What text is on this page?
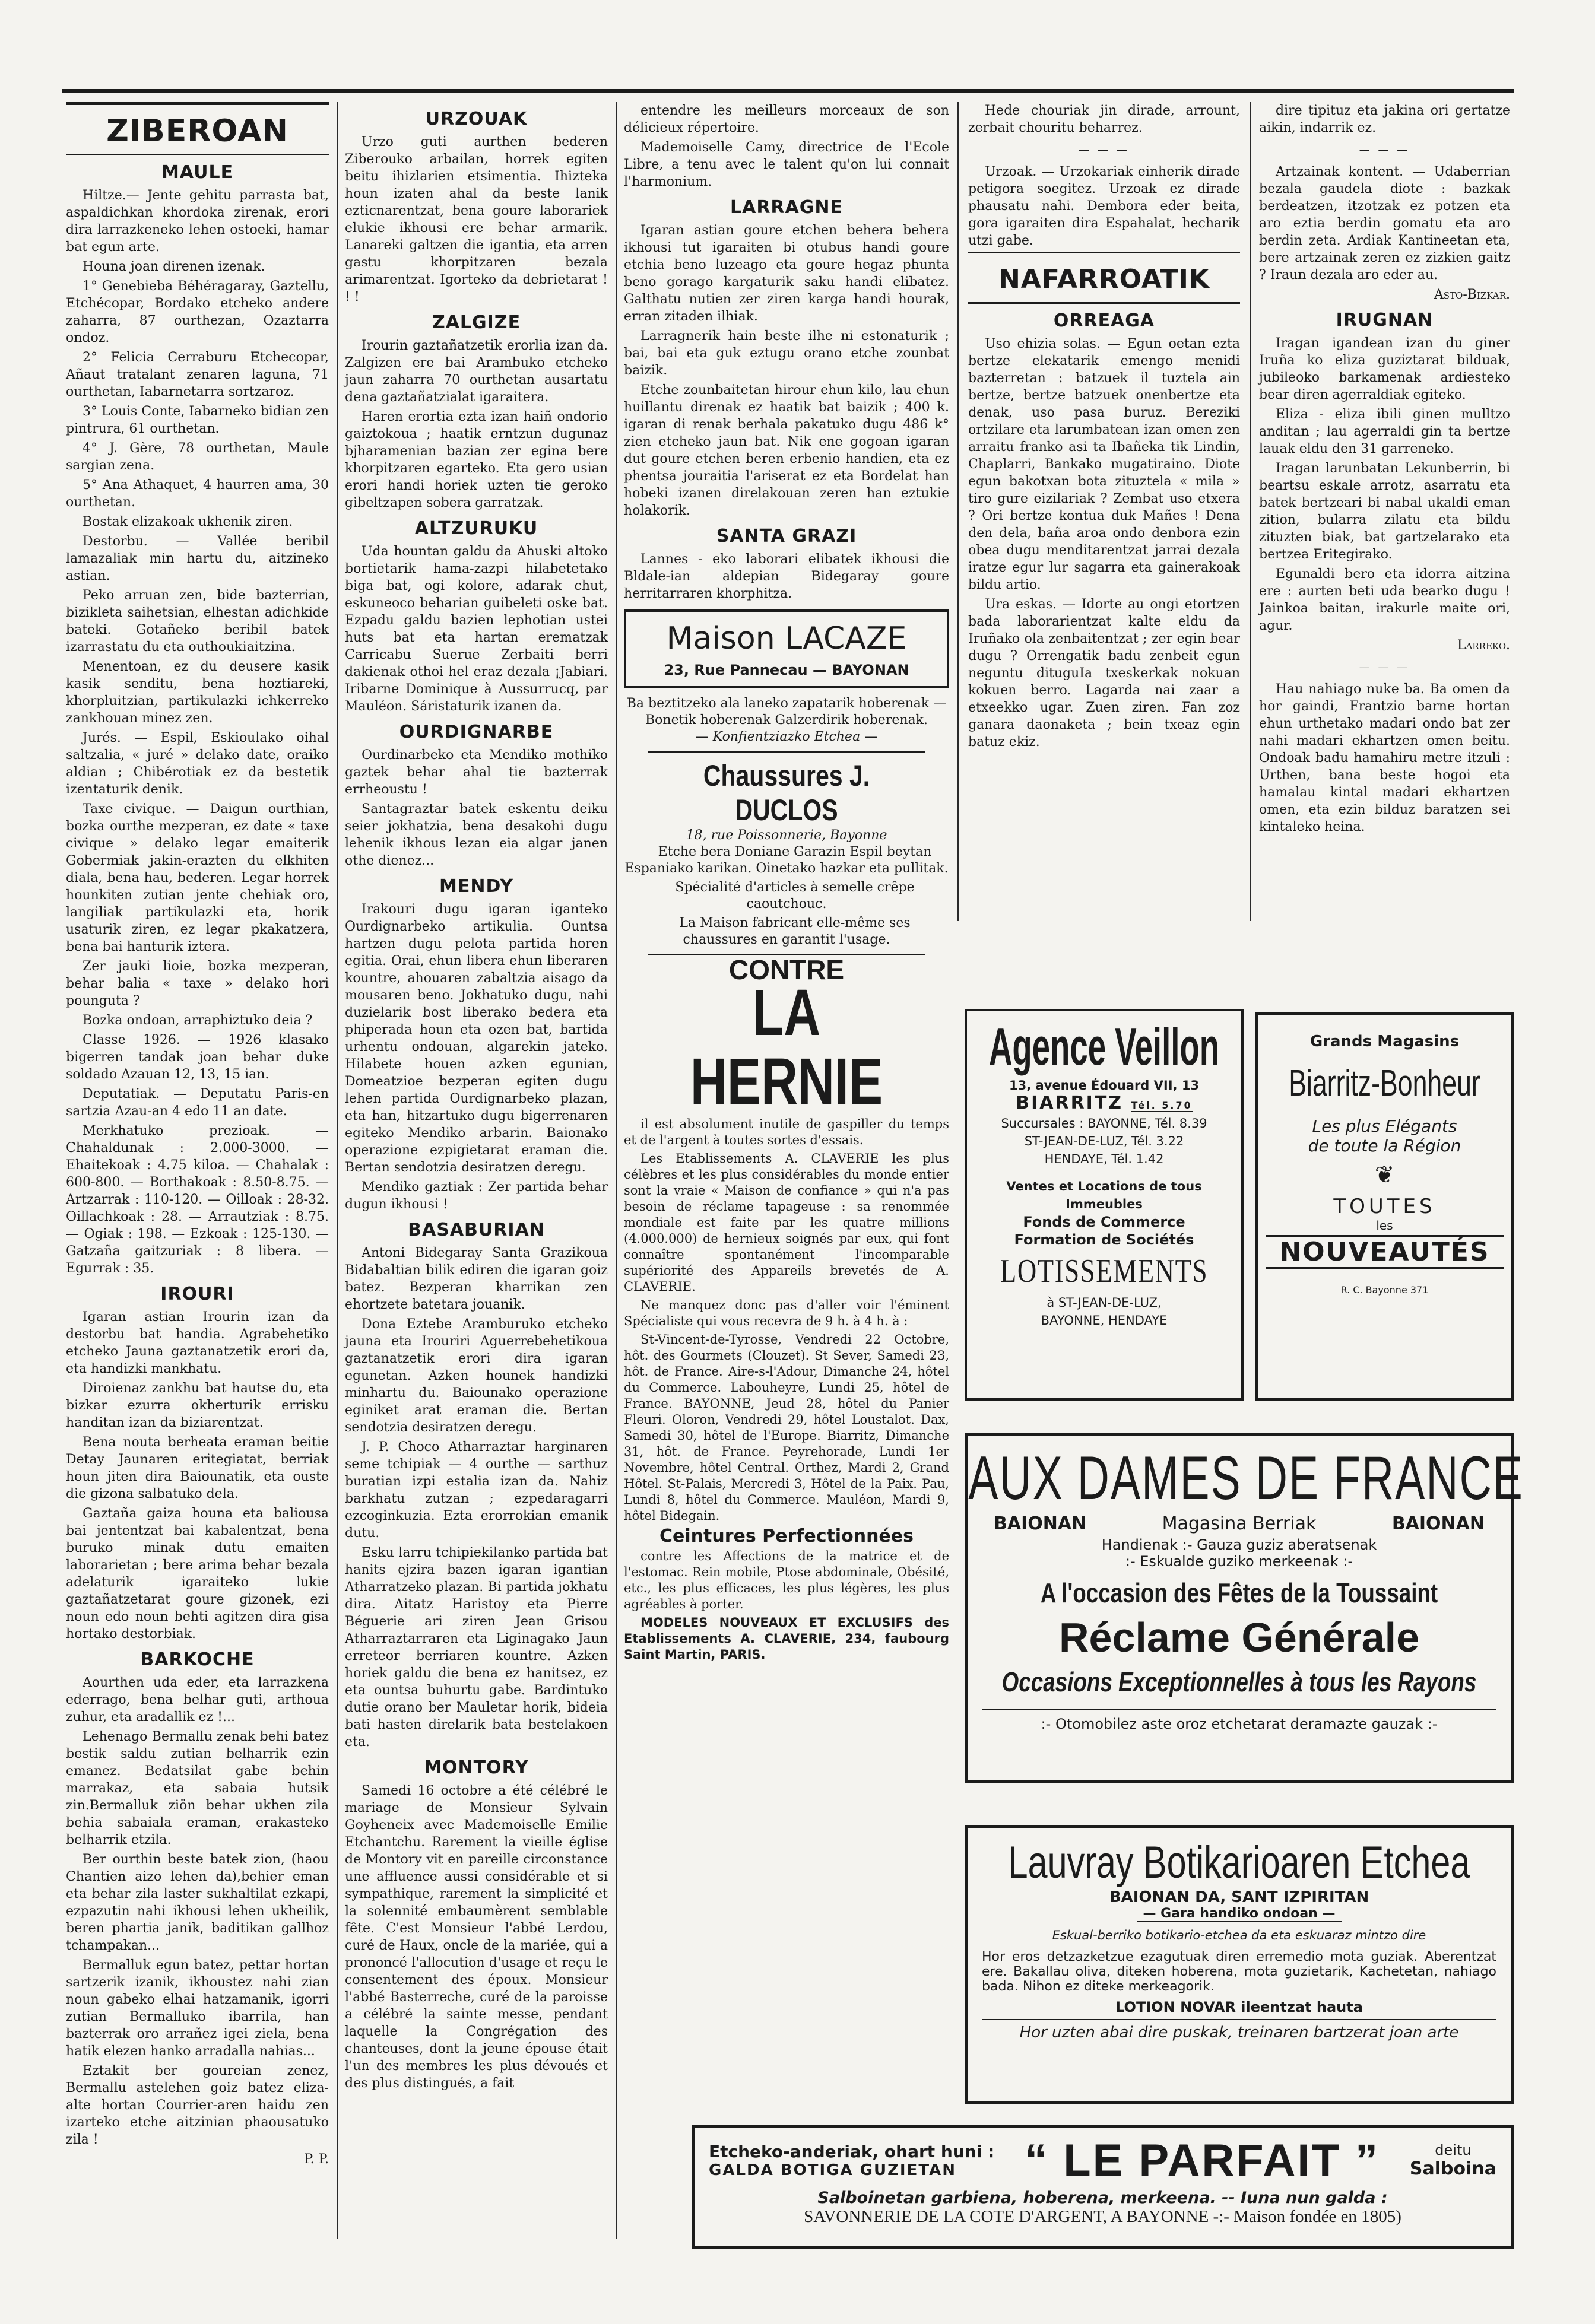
ZIBEROAN
MAULE

Hiltze.— Jente gehitu parrasta bat, aspaldichkan khordoka zirenak, erori dira larrazkeneko lehen ostoeki, hamar bat egun arte.

Houna joan direnen izenak.

1° Genebieba Béhéragaray, Gaztellu, Etchécopar, Bordako etcheko andere zaharra, 87 ourthezan, Ozaztarra ondoz.

2° Felicia Cerraburu Etchecopar, Añaut tratalant zenaren laguna, 71 ourthetan, Iabarnetarra sortzaroz.

3° Louis Conte, Iabarneko bidian zen pintrura, 61 ourthetan.

4° J. Gère, 78 ourthetan, Maule sargian zena.

5° Ana Athaquet, 4 haurren ama, 30 ourthetan.

Bostak elizakoak ukhenik ziren.

Destorbu. — Vallée beribil lamazaliak min hartu du, aitzineko astian.

Peko arruan zen, bide bazterrian, bizikleta saihetsian, elhestan adichkide bateki. Gotañeko beribil batek izarrastatu du eta outhoukiaitzina.

Menentoan, ez du deusere kasik kasik senditu, bena hoztiareki, khorpluitzian, partikulazki ichkerreko zankhouan minez zen.

Jurés. — Espil, Eskioulako oihal saltzalia, « juré » delako date, oraiko aldian ; Chibérotiak ez da bestetik izentaturik denik.

Taxe civique. — Daigun ourthian, bozka ourthe mezperan, ez date « taxe civique » delako legar emaiterik Gobermiak jakin-erazten du elkhiten diala, bena hau, bederen. Legar horrek hounkiten zutian jente chehiak oro, langiliak partikulazki eta, horik usaturik ziren, ez legar pkakatzera, bena bai hanturik iztera.

Zer jauki lioie, bozka mezperan, behar balia « taxe » delako hori pounguta ?

Bozka ondoan, arraphiztuko deia ?

Classe 1926. — 1926 klasako bigerren tandak joan behar duke soldado Azauan 12, 13, 15 ian.

Deputatiak. — Deputatu Paris-en sartzia Azau-an 4 edo 11 an date.

Merkhatuko prezioak. — Chahaldunak : 2.000-3000. — Ehaitekoak : 4.75 kiloa. — Chahalak : 600-800. — Borthakoak : 8.50-8.75. — Artzarrak : 110-120. — Oilloak : 28-32. Oillachkoak : 28. — Arrautziak : 8.75. — Ogiak : 198. — Ezkoak : 125-130. — Gatzaña gaitzuriak : 8 libera. — Egurrak : 35.

IROURI

Igaran astian Irourin izan da destorbu bat handia. Agrabehetiko etcheko Jauna gaztanatzetik erori da, eta handizki mankhatu.

Diroienaz zankhu bat hautse du, eta bizkar ezurra okherturik errisku handitan izan da biziarentzat.

Bena nouta berheata eraman beitie Detay Jaunaren eritegiatat, berriak houn jiten dira Baiounatik, eta ouste die gizona salbatuko dela.

Gaztaña gaiza houna eta baliousa bai jententzat bai kabalentzat, bena buruko minak dutu emaiten laborarietan ; bere arima behar bezala adelaturik igaraiteko lukie gaztañatzetarat goure gizonek, ezi noun edo noun behti agitzen dira gisa hortako destorbiak.

BARKOCHE

Aourthen uda eder, eta larrazkena ederrago, bena belhar guti, arthoua zuhur, eta aradallik ez !...

Lehenago Bermallu zenak behi batez bestik saldu zutian belharrik ezin emanez. Bedatsilat gabe behin marrakaz, eta sabaia hutsik zin.Bermalluk ziön behar ukhen zila behia sabaiala eraman, erakasteko belharrik etzila.

Ber ourthin beste batek zion, (haou Chantien aizo lehen da),behier eman eta behar zila laster sukhaltilat ezkapi, ezpazutin nahi ikhousi lehen ukheilik, beren phartia janik, baditikan gallhoz tchampakan...

Bermalluk egun batez, pettar hortan sartzerik izanik, ikhoustez nahi zian noun gabeko elhai hatzamanik, igorri zutian Bermalluko ibarrila, han bazterrak oro arrañez igei ziela, bena hatik elezen hanko arradalla nahias...

Eztakit ber goureian zenez, Bermallu astelehen goiz batez eliza-alte hortan Courrier-aren haidu zen izarteko etche aitzinian phaousatuko zila !

P. P.

URZOUAK

Urzo guti aurthen bederen Ziberouko arbailan, horrek egiten beitu ihizlarien etsimentia. Ihizteka houn izaten ahal da beste lanik ezticnarentzat, bena goure laborariek elukie ikhousi ere behar armarik. Lanareki galtzen die igantia, eta arren gastu khorpitzaren bezala arimarentzat. Igorteko da debrietarat ! ! !

ZALGIZE

Irourin gaztañatzetik erorlia izan da. Zalgizen ere bai Arambuko etcheko jaun zaharra 70 ourthetan ausartatu dena gaztañatzialat igaraitera.

Haren erortia ezta izan haiñ ondorio gaiztokoua ; haatik erntzun dugunaz bjharamenian bazian zer egina bere khorpitzaren egarteko. Eta gero usian erori handi horiek uzten tie geroko gibeltzapen sobera garratzak.

ALTZURUKU

Uda hountan galdu da Ahuski altoko bortietarik hama-zazpi hilabetetako biga bat, ogi kolore, adarak chut, eskuneoco beharian guibeleti oske bat. Ezpadu galdu bazien lephotian ustei huts bat eta hartan erematzak Carricabu Suerue Zerbaiti berri dakienak othoi hel eraz dezala ¡Jabiari. Iribarne Dominique à Aussurrucq, par Mauléon. Sáristaturik izanen da.

OURDIGNARBE

Ourdinarbeko eta Mendiko mothiko gaztek behar ahal tie bazterrak errheoustu !

Santagraztar batek eskentu deiku seier jokhatzia, bena desakohi dugu lehenik ikhous lezan eia algar janen othe dienez...

MENDY

Irakouri dugu igaran iganteko Ourdignarbeko artikulia. Ountsa hartzen dugu pelota partida horen egitia. Orai, ehun libera ehun liberaren kountre, ahouaren zabaltzia aisago da mousaren beno. Jokhatuko dugu, nahi duzielarik bost liberako bedera eta phiperada houn eta ozen bat, bartida urhentu ondouan, algarekin jateko. Hilabete houen azken egunian, Domeatzioe bezperan egiten dugu lehen partida Ourdignarbeko plazan, eta han, hitzartuko dugu bigerrenaren egiteko Mendiko arbarin. Baionako operazione ezpigietarat eraman die. Bertan sendotzia desiratzen deregu.

Mendiko gaztiak : Zer partida behar dugun ikhousi !

BASABURIAN

Antoni Bidegaray Santa Grazikoua Bidabaltian bilik ediren die igaran goiz batez. Bezperan kharrikan zen ehortzete batetara jouanik.

Dona Eztebe Aramburuko etcheko jauna eta Irouriri Aguerrebehetikoua gaztanatzetik erori dira igaran egunetan. Azken hounek handizki minhartu du. Baiounako operazione eginiket arat eraman die. Bertan sendotzia desiratzen deregu.

J. P. Choco Atharraztar harginaren seme tchipiak — 4 ourthe — sarthuz buratian izpi estalia izan da. Nahiz barkhatu zutzan ; ezpedaragarri ezcoginkuzia. Ezta erorrokian emanik dutu.

Esku larru tchipiekilanko partida bat hanits ejzira bazen igaran igantian Atharratzeko plazan. Bi partida jokhatu dira. Aitatz Haristoy eta Pierre Béguerie ari ziren Jean Grisou Atharraztarraren eta Liginagako Jaun erreteor berriaren kountre. Azken horiek galdu die bena ez hanitsez, ez eta ountsa buhurtu gabe. Bardintuko dutie orano ber Mauletar horik, bideia bati hasten direlarik bata bestelakoen eta.

MONTORY

Samedi 16 octobre a été célébré le mariage de Monsieur Sylvain Goyheneix avec Mademoiselle Emilie Etchantchu. Rarement la vieille église de Montory vit en pareille circonstance une affluence aussi considérable et si sympathique, rarement la simplicité et la solennité embaumèrent semblable fête. C'est Monsieur l'abbé Lerdou, curé de Haux, oncle de la mariée, qui a prononcé l'allocution d'usage et reçu le consentement des époux. Monsieur l'abbé Basterreche, curé de la paroisse a célébré la sainte messe, pendant laquelle la Congrégation des chanteuses, dont la jeune épouse était l'un des membres les plus dévoués et des plus distingués, a fait

entendre les meilleurs morceaux de son délicieux répertoire.

Mademoiselle Camy, directrice de l'Ecole Libre, a tenu avec le talent qu'on lui connait l'harmonium.

LARRAGNE

Igaran astian goure etchen behera behera ikhousi tut igaraiten bi otubus handi goure etchia beno luzeago eta goure hegaz phunta beno gorago kargaturik saku handi elibatez. Galthatu nutien zer ziren karga handi hourak, erran zitaden ilhiak.

Larragnerik hain beste ilhe ni estonaturik ; bai, bai eta guk eztugu orano etche zounbat baizik.

Etche zounbaitetan hirour ehun kilo, lau ehun huillantu direnak ez haatik bat baizik ; 400 k. igaran di renak berhala pakatuko dugu 486 k° zien etcheko jaun bat. Nik ene gogoan igaran dut goure etchen beren erbenio handien, eta ez phentsa jouraitia l'ariserat ez eta Bordelat han hobeki izanen direlakouan zeren han eztukie holakorik.

SANTA GRAZI

Lannes - eko laborari elibatek ikhousi die Bldale-ian aldepian Bidegaray goure herritarraren khorphitza.

Maison LACAZE
23, Rue Pannecau — BAYONAN
Ba beztitzeko ala laneko zapatarik hoberenak — Bonetik hoberenak Galzerdirik hoberenak.
— Konfientziazko Etchea —
Chaussures J. DUCLOS
18, rue Poissonnerie, Bayonne

Etche bera Doniane Garazin Espil beytan Espaniako karikan. Oinetako hazkar eta pullitak.

Spécialité d'articles à semelle crêpe caoutchouc.

La Maison fabricant elle-même ses chaussures en garantit l'usage.

CONTRE
LA HERNIE

il est absolument inutile de gaspiller du temps et de l'argent à toutes sortes d'essais.

Les Etablissements A. CLAVERIE les plus célèbres et les plus considérables du monde entier sont la vraie « Maison de confiance » qui n'a pas besoin de réclame tapageuse : sa renommée mondiale est faite par les quatre millions (4.000.000) de hernieux soignés par eux, qui font connaître spontanément l'incomparable supériorité des Appareils brevetés de A. CLAVERIE.

Ne manquez donc pas d'aller voir l'éminent Spécialiste qui vous recevra de 9 h. à 4 h. à :

St-Vincent-de-Tyrosse, Vendredi 22 Octobre, hôt. des Gourmets (Clouzet). St Sever, Samedi 23, hôt. de France. Aire-s-l'Adour, Dimanche 24, hôtel du Commerce. Labouheyre, Lundi 25, hôtel de France. BAYONNE, Jeud 28, hôtel du Panier Fleuri. Oloron, Vendredi 29, hôtel Loustalot. Dax, Samedi 30, hôtel de l'Europe. Biarritz, Dimanche 31, hôt. de France. Peyrehorade, Lundi 1er Novembre, hôtel Central. Orthez, Mardi 2, Grand Hôtel. St-Palais, Mercredi 3, Hôtel de la Paix. Pau, Lundi 8, hôtel du Commerce. Mauléon, Mardi 9, hôtel Bidegain.

Ceintures Perfectionnées

contre les Affections de la matrice et de l'estomac. Rein mobile, Ptose abdominale, Obésité, etc., les plus efficaces, les plus légères, les plus agréables à porter.

MODELES NOUVEAUX ET EXCLUSIFS des Etablissements A. CLAVERIE, 234, faubourg Saint Martin, PARIS.

Hede chouriak jin dirade, arrount, zerbait chouritu beharrez.

— — —

Urzoak. — Urzokariak einherik dirade petigora soegitez. Urzoak ez dirade phausatu nahi. Dembora eder beita, gora igaraiten dira Espahalat, hecharik utzi gabe.

NAFARROATIK
ORREAGA

Uso ehizia solas. — Egun oetan ezta bertze elekatarik emengo menidi bazterretan : batzuek il tuztela ain bertze, bertze batzuek onenbertze eta denak, uso pasa buruz. Bereziki ortzilare eta larumbatean izan omen zen arraitu franko asi ta Ibañeka tik Lindin, Chaplarri, Bankako mugatiraino. Diote egun bakotxan bota zituztela « mila » tiro gure eizilariak ? Zembat uso etxera ? Ori bertze kontua duk Mañes ! Dena den dela, baña aroa ondo denbora ezin obea dugu menditarentzat jarrai dezala iratze egur lur sagarra eta gainerakoak bildu artio.

Ura eskas. — Idorte au ongi etortzen bada laborarientzat kalte eldu da Iruñako ola zenbaitentzat ; zer egin bear dugu ? Orrengatik badu zenbeit egun neguntu dituguIa txeskerkak nokuan kokuen berro. Lagarda nai zaar a etxeekko ugar. Zuen ziren. Fan zoz ganara daonaketa ; bein txeaz egin batuz ekiz.

dire tipituz eta jakina ori gertatze aikin, indarrik ez.

— — —

Artzainak kontent. — Udaberrian bezala gaudela diote : bazkak berdeatzen, itzotzak ez potzen eta aro eztia berdin gomatu eta aro berdin zeta. Ardiak Kantineetan eta, bere artzainak zeren ez zizkien gaitz ? Iraun dezala aro eder au.

Asto-Bizkar.

IRUGNAN

Iragan igandean izan du giner Iruña ko eliza guziztarat bilduak, jubileoko barkamenak ardiesteko bear diren agerraldiak egiteko.

Eliza - eliza ibili ginen mulltzo anditan ; lau agerraldi gin ta bertze lauak eldu den 31 garreneko.

Iragan larunbatan Lekunberrin, bi beartsu eskale arrotz, asarratu eta batek bertzeari bi nabal ukaldi eman zition, bularra zilatu eta bildu zituzten biak, bat gartzelarako eta bertzea Eritegirako.

Egunaldi bero eta idorra aitzina ere : aurten beti uda bearko dugu ! Jainkoa baitan, irakurle maite ori, agur.

Larreko.

— — —

Hau nahiago nuke ba. Ba omen da hor gaindi, Frantzio barne hortan ehun urthetako madari ondo bat zer nahi madari ekhartzen omen beitu. Ondoak badu hamahiru metre itzuli : Urthen, bana beste hogoi eta hamalau kintal madari ekhartzen omen, eta ezin bilduz baratzen sei kintaleko heina.

Agence Veillon
13, avenue Édouard VII, 13
BIARRITZ Tél. 5.70
Succursales : BAYONNE, Tél. 8.39
ST-JEAN-DE-LUZ, Tél. 3.22
HENDAYE, Tél. 1.42
Ventes et Locations de tous Immeubles
Fonds de Commerce
Formation de Sociétés
LOTISSEMENTS
à ST-JEAN-DE-LUZ,
BAYONNE, HENDAYE
Grands Magasins
Biarritz-Bonheur
Les plus Elégants
de toute la Région
❦
TOUTES
les
NOUVEAUTÉS
R. C. Bayonne 371
AUX DAMES DE FRANCE
BAIONAN	Magasina Berriak	BAIONAN
Handienak :- Gauza guziz aberatsenak
:- Eskualde guziko merkeenak :-
A l'occasion des Fêtes de la Toussaint
Réclame Générale
Occasions Exceptionnelles à tous les Rayons
:- Otomobilez aste oroz etchetarat deramazte gauzak :-
Lauvray Botikarioaren Etchea
BAIONAN DA, SANT IZPIRITAN
— Gara handiko ondoan —
Eskual-berriko botikario-etchea da eta eskuaraz mintzo dire
Hor eros detzazketzue ezagutuak diren erremedio mota guziak. Aberentzat ere. Bakallau oliva, diteken hoberena, mota guzietarik, Kachetetan, nahiago bada. Nihon ez diteke merkeagorik.
LOTION NOVAR ileentzat hauta
Hor uzten abai dire puskak, treinaren bartzerat joan arte
Etcheko-anderiak, ohart huni :
GALDA BOTIGA GUZIETAN	“ LE PARFAIT ”	deitu
Salboina
Salboinetan garbiena, hoberena, merkeena. -- Iuna nun galda :
SAVONNERIE DE LA COTE D'ARGENT, A BAYONNE -:- Maison fondée en 1805)
